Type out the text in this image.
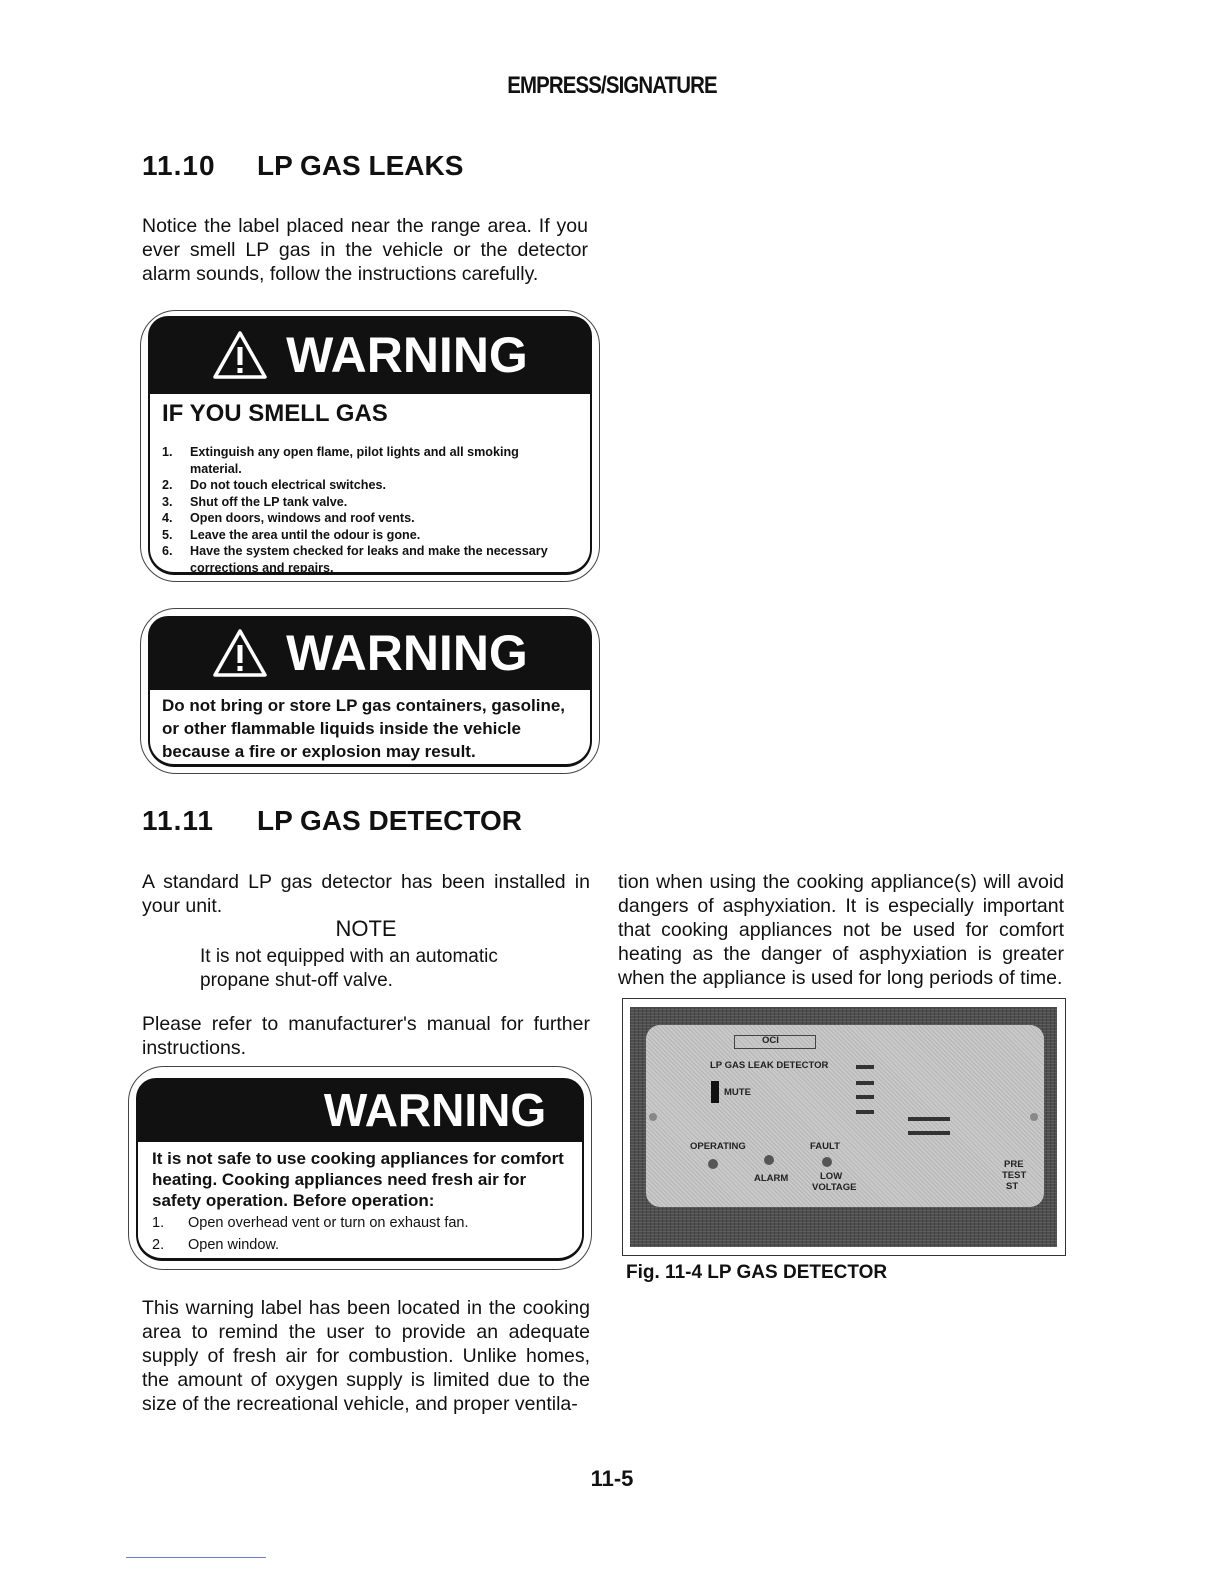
EMPRESS/SIGNATURE
11.10 LP GAS LEAKS

Notice the label placed near the range area. If you ever smell LP gas in the vehicle or the detector alarm sounds, follow the instructions carefully.

WARNING
IF YOU SMELL GAS
1.	Extinguish any open flame, pilot lights and all smoking material.
2.	Do not touch electrical switches.
3.	Shut off the LP tank valve.
4.	Open doors, windows and roof vents.
5.	Leave the area until the odour is gone.
6.	Have the system checked for leaks and make the necessary corrections and repairs.
WARNING
Do not bring or store LP gas containers, gasoline, or other flammable liquids inside the vehicle because a fire or explosion may result.
11.11 LP GAS DETECTOR

A standard LP gas detector has been installed in your unit.

NOTE
It is not equipped with an automatic propane shut-off valve.

Please refer to manufacturer's manual for further instructions.

WARNING
It is not safe to use cooking appliances for comfort heating. Cooking appliances need fresh air for safety operation. Before operation:
1.	Open overhead vent or turn on exhaust fan.
2.	Open window.

This warning label has been located in the cooking area to remind the user to provide an adequate supply of fresh air for combustion. Unlike homes, the amount of oxygen supply is limited due to the size of the recreational vehicle, and proper ventila-

tion when using the cooking appliance(s) will avoid dangers of asphyxiation. It is especially important that cooking appliances not be used for comfort heating as the danger of asphyxiation is greater when the appliance is used for long periods of time.

OCI
LP GAS LEAK DETECTOR
MUTE
OPERATING	FAULT
ALARM	LOW
VOLTAGE
PRE
TEST
ST
Fig. 11-4 LP GAS DETECTOR
11-5
